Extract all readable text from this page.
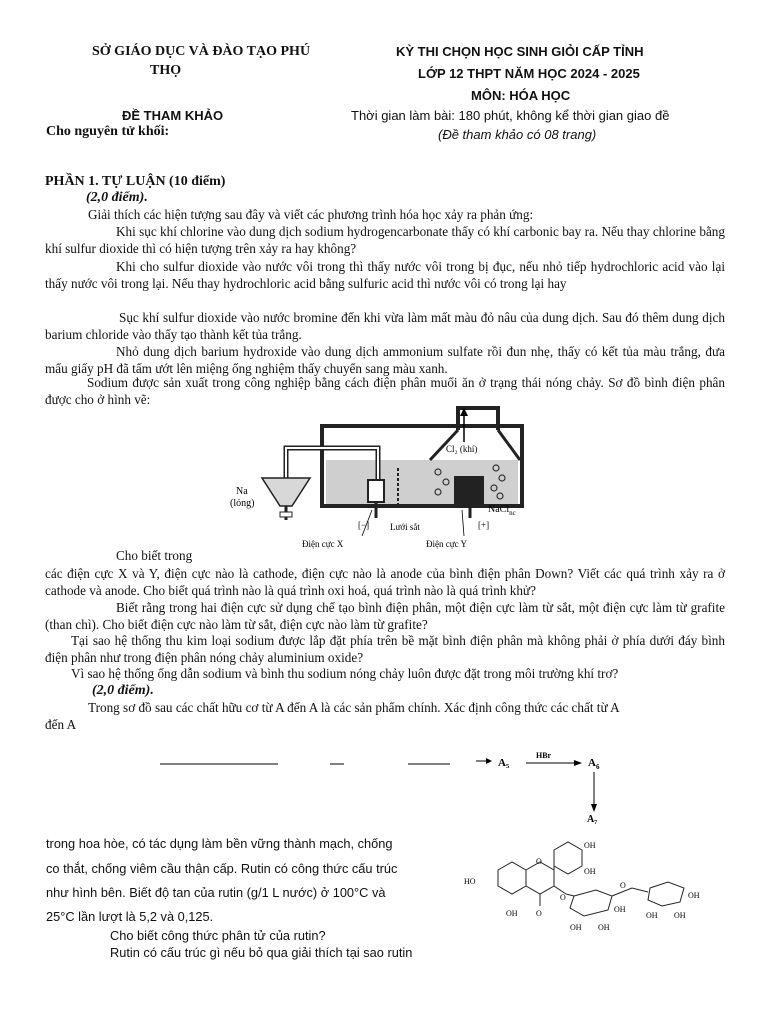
SỞ GIÁO DỤC VÀ ĐÀO TẠO PHÚ
THỌ
KỲ THI CHỌN HỌC SINH GIỎI CẤP TỈNH
LỚP 12 THPT NĂM HỌC 2024 - 2025
MÔN: HÓA HỌC
ĐỀ THAM KHẢO
Cho nguyên tử khối:
Thời gian làm bài: 180 phút, không kể thời gian giao đề
(Đề tham khảo có 08 trang)
PHẦN 1. TỰ LUẬN (10 điểm)
(2,0 điểm).
Giải thích các hiện tượng sau đây và viết các phương trình hóa học xảy ra phản ứng:
Khi sục khí chlorine vào dung dịch sodium hydrogencarbonate thấy có khí carbonic bay ra. Nếu thay chlorine bằng khí sulfur dioxide thì có hiện tượng trên xảy ra hay không?
Khi cho sulfur dioxide vào nước vôi trong thì thấy nước vôi trong bị đục, nếu nhỏ tiếp hydrochloric acid vào lại thấy nước vôi trong lại. Nếu thay hydrochloric acid bằng sulfuric acid thì nước vôi có trong lại hay
Sục khí sulfur dioxide vào nước bromine đến khi vừa làm mất màu đỏ nâu của dung dịch. Sau đó thêm dung dịch barium chloride vào thấy tạo thành kết tủa trắng.
Nhỏ dung dịch barium hydroxide vào dung dịch ammonium sulfate rồi đun nhẹ, thấy có kết tủa màu trắng, đưa mẩu giấy pH đã tẩm ướt lên miệng ống nghiệm thấy chuyển sang màu xanh.
Sodium được sản xuất trong công nghiệp bằng cách điện phân muối ăn ở trạng thái nóng chảy. Sơ đồ bình điện phân được cho ở hình vẽ:
Cl₂ (khí)
Na
(lỏng)
[−] Lưới sắt	[+]
NaCl$_{nc}$
Điện cực X	Điện cực Y
Cho biết trong
các điện cực X và Y, điện cực nào là cathode, điện cực nào là anode của bình điện phân Down? Viết các quá trình xảy ra ở cathode và anode. Cho biết quá trình nào là quá trình oxi hoá, quá trình nào là quá trình khử?
Biết rằng trong hai điện cực sử dụng chế tạo bình điện phân, một điện cực làm từ sắt, một điện cực làm từ grafite (than chì). Cho biết điện cực nào làm từ sắt, điện cực nào làm từ grafite?
Tại sao hệ thống thu kim loại sodium được lắp đặt phía trên bề mặt bình điện phân mà không phải ở phía dưới đáy bình điện phân như trong điện phân nóng chảy aluminium oxide?
Vì sao hệ thống ống dẫn sodium và bình thu sodium nóng chảy luôn được đặt trong môi trường khí trơ?
(2,0 điểm).
Trong sơ đồ sau các chất hữu cơ từ A đến A là các sản phẩm chính. Xác định công thức các chất từ A
đến A
A₅
HBr
$A_6$
A₇
trong hoa hòe, có tác dụng làm bền vững thành mạch, chống
co thắt, chống viêm cầu thận cấp. Rutin có công thức cấu trúc
như hình bên. Biết độ tan của rutin (g/1 L nước) ở 100°C và
25°C lần lượt là 5,2 và 0,125.
Cho biết công thức phân tử của rutin?
Rutin có cấu trúc gì nếu bỏ qua giải thích tại sao rutin
HO
OH
OH
OH
O
O
O
O
OH OH
OH
OH OH
OH
